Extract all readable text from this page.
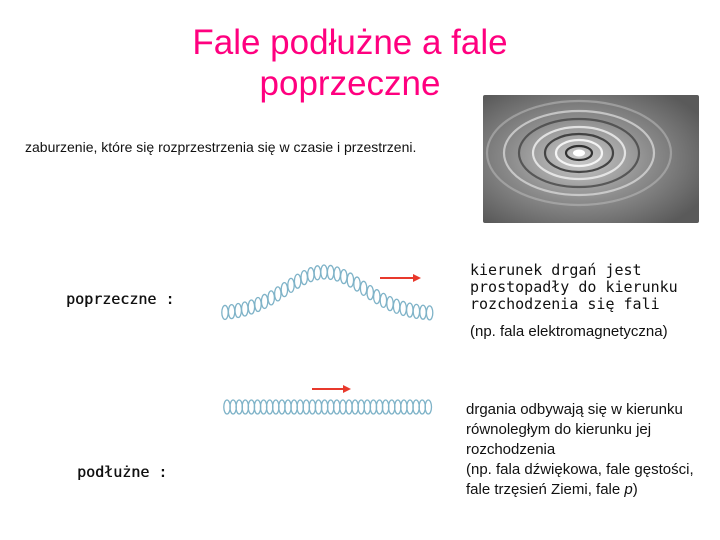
Fale podłużne a fale
poprzeczne
zaburzenie, które się rozprzestrzenia się w czasie i przestrzeni.
poprzeczne :
kierunek drgań jest prostopadły do kierunku rozchodzenia się fali
(np. fala elektromagnetyczna)
podłużne :
drgania odbywają się w kierunku równoległym do kierunku jej rozchodzenia
(np. fala dźwiękowa, fale gęstości, fale trzęsień Ziemi, fale p)
